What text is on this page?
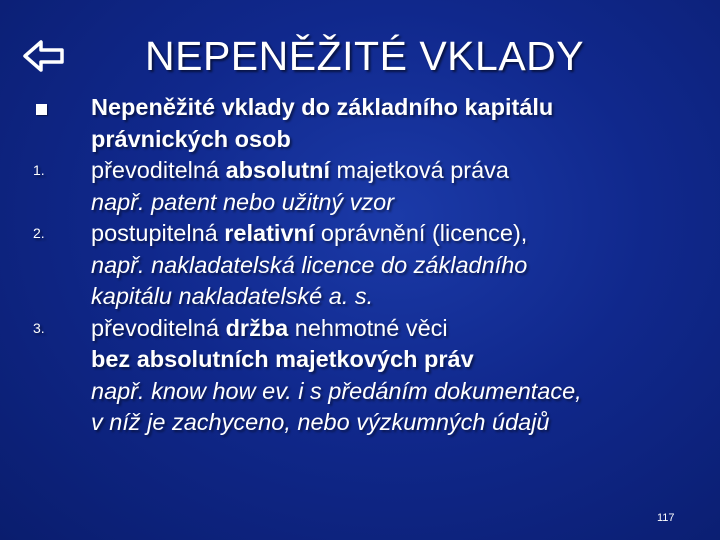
NEPENĚŽITÉ VKLADY
Nepeněžité vklady do základního kapitálu
právnických osob
1.	převoditelná absolutní majetková práva
např. patent nebo užitný vzor
2.	postupitelná relativní oprávnění (licence),
např. nakladatelská licence do základního
kapitálu nakladatelské a. s.
3.	převoditelná držba nehmotné věci
bez absolutních majetkových práv
např. know how ev. i s předáním dokumentace,
v níž je zachyceno, nebo výzkumných údajů
117
